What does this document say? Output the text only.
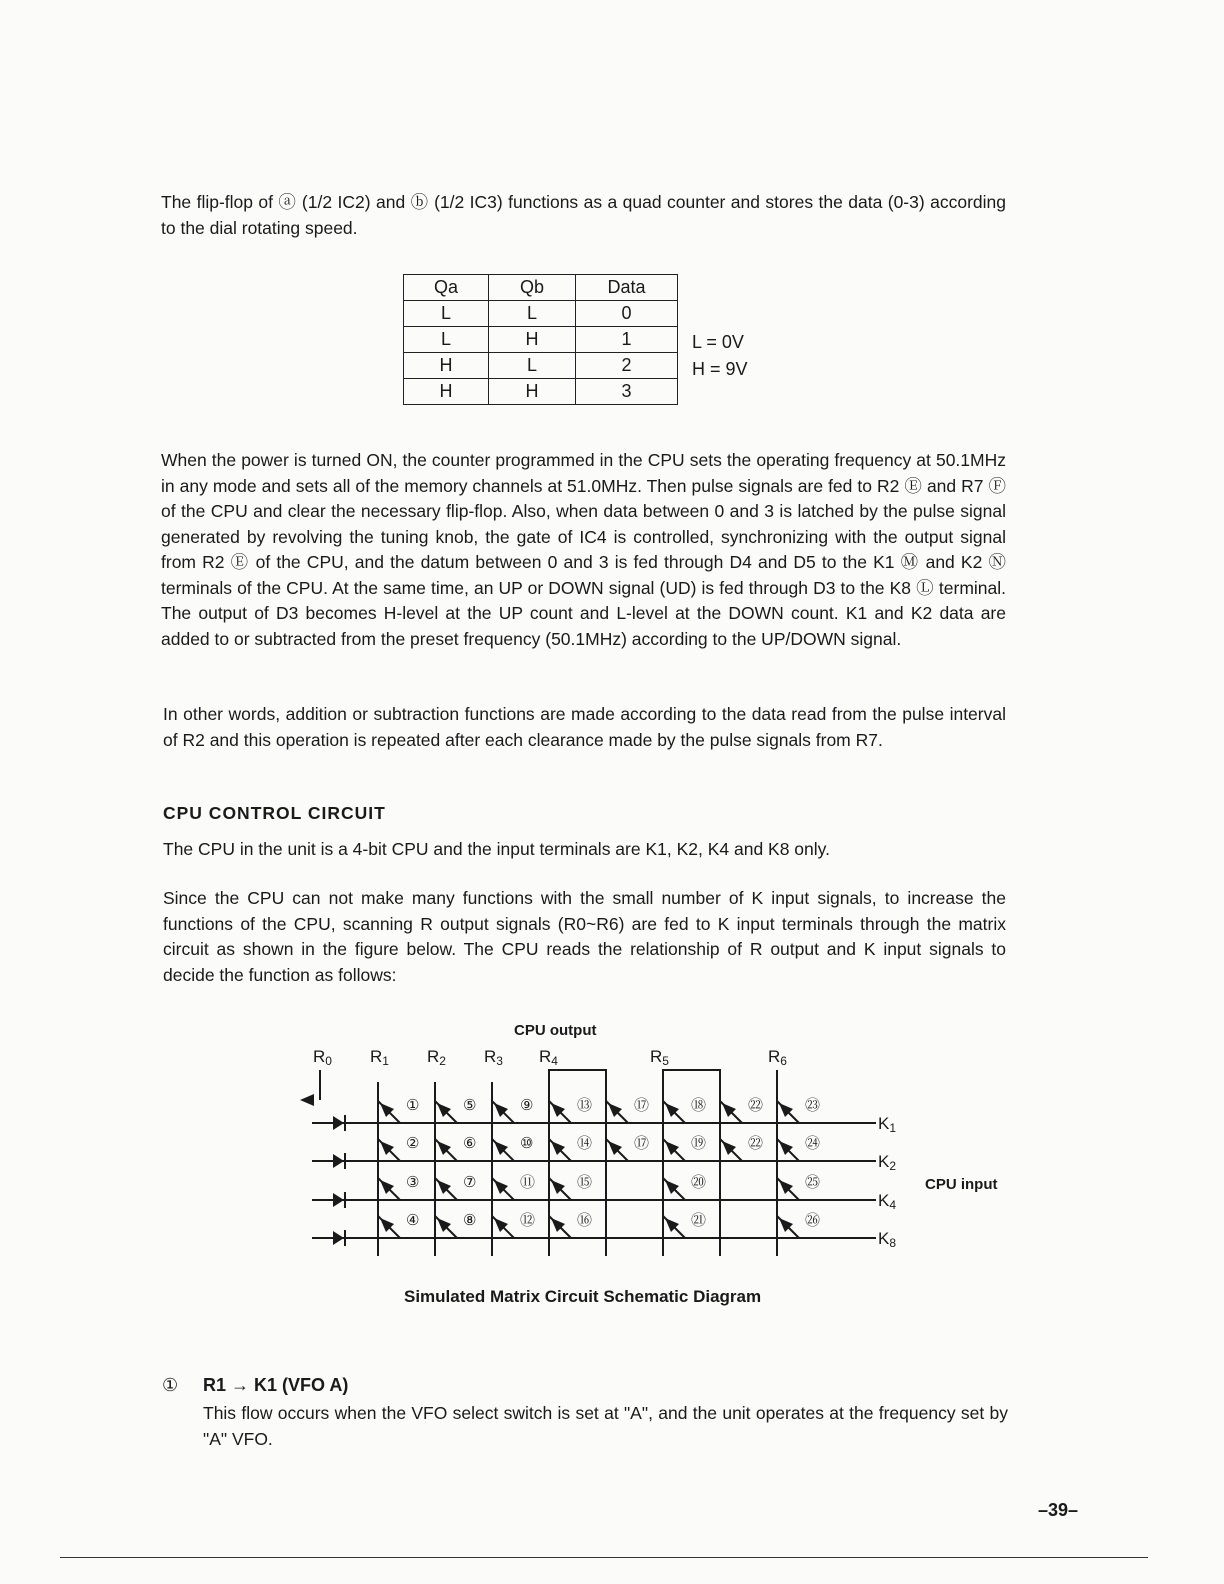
The flip-flop of ⓐ (1/2 IC2) and ⓑ (1/2 IC3) functions as a quad counter and stores the data (0-3) according to the dial rotating speed.

Qa	Qb	Data
L	L	0
L	H	1
H	L	2
H	H	3
L = 0V
H = 9V

When the power is turned ON, the counter programmed in the CPU sets the operating frequency at 50.1MHz in any mode and sets all of the memory channels at 51.0MHz. Then pulse signals are fed to R2 Ⓔ and R7 Ⓕ of the CPU and clear the necessary flip-flop. Also, when data between 0 and 3 is latched by the pulse signal generated by revolving the tuning knob, the gate of IC4 is controlled, synchronizing with the output signal from R2 Ⓔ of the CPU, and the datum between 0 and 3 is fed through D4 and D5 to the K1 Ⓜ and K2 Ⓝ terminals of the CPU. At the same time, an UP or DOWN signal (UD) is fed through D3 to the K8 Ⓛ terminal. The output of D3 becomes H-level at the UP count and L-level at the DOWN count. K1 and K2 data are added to or subtracted from the preset frequency (50.1MHz) according to the UP/DOWN signal.

In other words, addition or subtraction functions are made according to the data read from the pulse interval of R2 and this operation is repeated after each clearance made by the pulse signals from R7.

CPU CONTROL CIRCUIT

The CPU in the unit is a 4-bit CPU and the input terminals are K1, K2, K4 and K8 only.

Since the CPU can not make many functions with the small number of K input signals, to increase the functions of the CPU, scanning R output signals (R0~R6) are fed to K input terminals through the matrix circuit as shown in the figure below. The CPU reads the relationship of R output and K input signals to decide the function as follows:

CPU output
CPU input
①
②
③
④
⑤
⑥
⑦
⑧
⑨
⑩
⑪
⑫
⑬
⑭
⑮
⑯
⑰
⑰
⑱
⑲
⑳
㉑
㉒
㉒
㉓
㉔
㉕
㉖
R0 R1 R2 R3 R4	R5	R6
K1
K2
K4
K8
Simulated Matrix Circuit Schematic Diagram
① R1 → K1 (VFO A)

This flow occurs when the VFO select switch is set at "A", and the unit operates at the frequency set by "A" VFO.

–39–
